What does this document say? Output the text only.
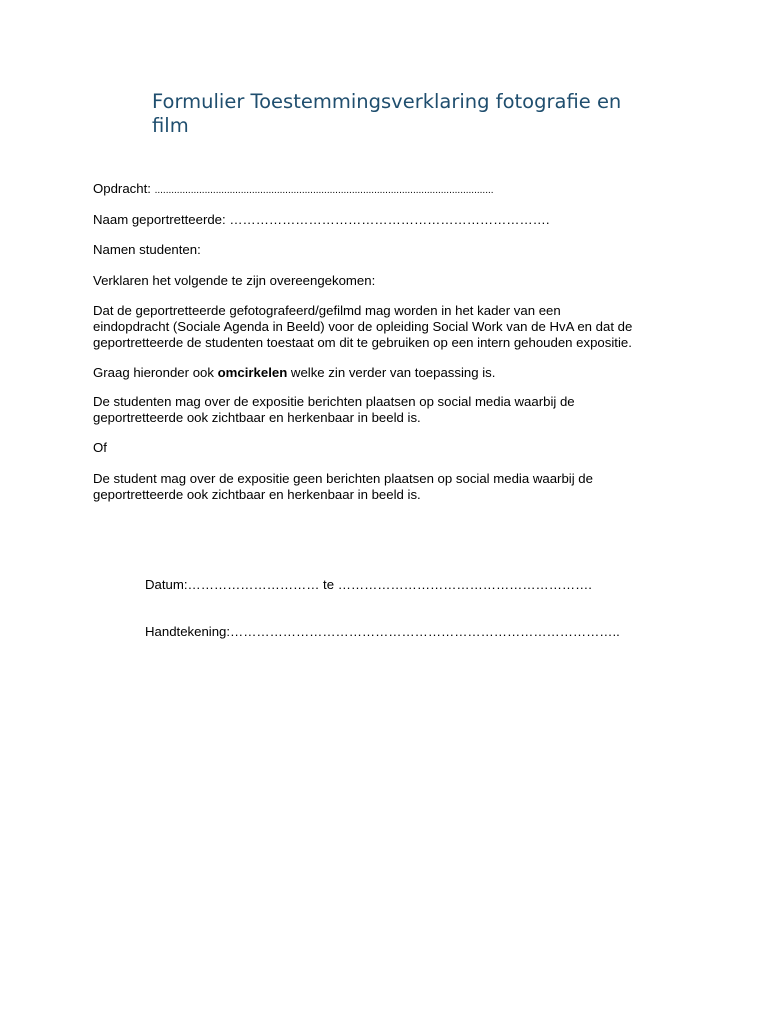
Formulier Toestemmingsverklaring fotografie en
film

Opdracht: ..........................................................................................................................

Naam geportretteerde: ……………………………………………………………….

Namen studenten:

Verklaren het volgende te zijn overeengekomen:

Dat de geportretteerde gefotografeerd/gefilmd mag worden in het kader van een
eindopdracht (Sociale Agenda in Beeld) voor de opleiding Social Work van de HvA en dat de
geportretteerde de studenten toestaat om dit te gebruiken op een intern gehouden expositie.

Graag hieronder ook omcirkelen welke zin verder van toepassing is.

De studenten mag over de expositie berichten plaatsen op social media waarbij de
geportretteerde ook zichtbaar en herkenbaar in beeld is.

Of

De student mag over de expositie geen berichten plaatsen op social media waarbij de
geportretteerde ook zichtbaar en herkenbaar in beeld is.

Datum:………………………… te ………………………………………………….

Handtekening:……………………………………………………………………………..
